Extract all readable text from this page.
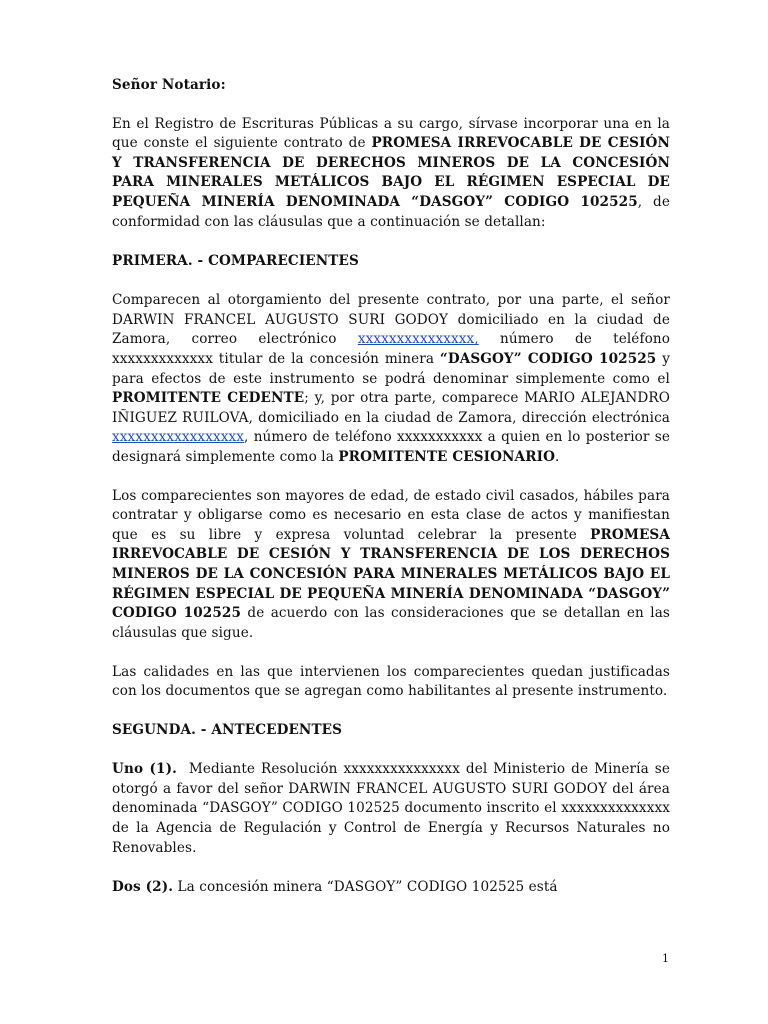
Señor Notario:

En el Registro de Escrituras Públicas a su cargo, sírvase incorporar una en la que conste el siguiente contrato de PROMESA IRREVOCABLE DE CESIÓN Y TRANSFERENCIA DE DERECHOS MINEROS DE LA CONCESIÓN PARA MINERALES METÁLICOS BAJO EL RÉGIMEN ESPECIAL DE PEQUEÑA MINERÍA DENOMINADA “DASGOY” CODIGO 102525, de conformidad con las cláusulas que a continuación se detallan:

PRIMERA. - COMPARECIENTES

Comparecen al otorgamiento del presente contrato, por una parte, el señor DARWIN FRANCEL AUGUSTO SURI GODOY domiciliado en la ciudad de Zamora, correo electrónico xxxxxxxxxxxxxxx, número de teléfono xxxxxxxxxxxxx titular de la concesión minera “DASGOY” CODIGO 102525 y para efectos de este instrumento se podrá denominar simplemente como el PROMITENTE CEDENTE; y, por otra parte, comparece MARIO ALEJANDRO IÑIGUEZ RUILOVA, domiciliado en la ciudad de Zamora, dirección electrónica xxxxxxxxxxxxxxxxx, número de teléfono xxxxxxxxxxx a quien en lo posterior se designará simplemente como la PROMITENTE CESIONARIO.

Los comparecientes son mayores de edad, de estado civil casados, hábiles para contratar y obligarse como es necesario en esta clase de actos y manifiestan que es su libre y expresa voluntad celebrar la presente PROMESA IRREVOCABLE DE CESIÓN Y TRANSFERENCIA DE LOS DERECHOS MINEROS DE LA CONCESIÓN PARA MINERALES METÁLICOS BAJO EL RÉGIMEN ESPECIAL DE PEQUEÑA MINERÍA DENOMINADA “DASGOY” CODIGO 102525 de acuerdo con las consideraciones que se detallan en las cláusulas que sigue.

Las calidades en las que intervienen los comparecientes quedan justificadas con los documentos que se agregan como habilitantes al presente instrumento.

SEGUNDA. - ANTECEDENTES

Uno (1).  Mediante Resolución xxxxxxxxxxxxxxx del Ministerio de Minería se otorgó a favor del señor DARWIN FRANCEL AUGUSTO SURI GODOY del área denominada “DASGOY” CODIGO 102525 documento inscrito el xxxxxxxxxxxxxx de la Agencia de Regulación y Control de Energía y Recursos Naturales no Renovables.

Dos (2). La concesión minera “DASGOY” CODIGO 102525 está

1
